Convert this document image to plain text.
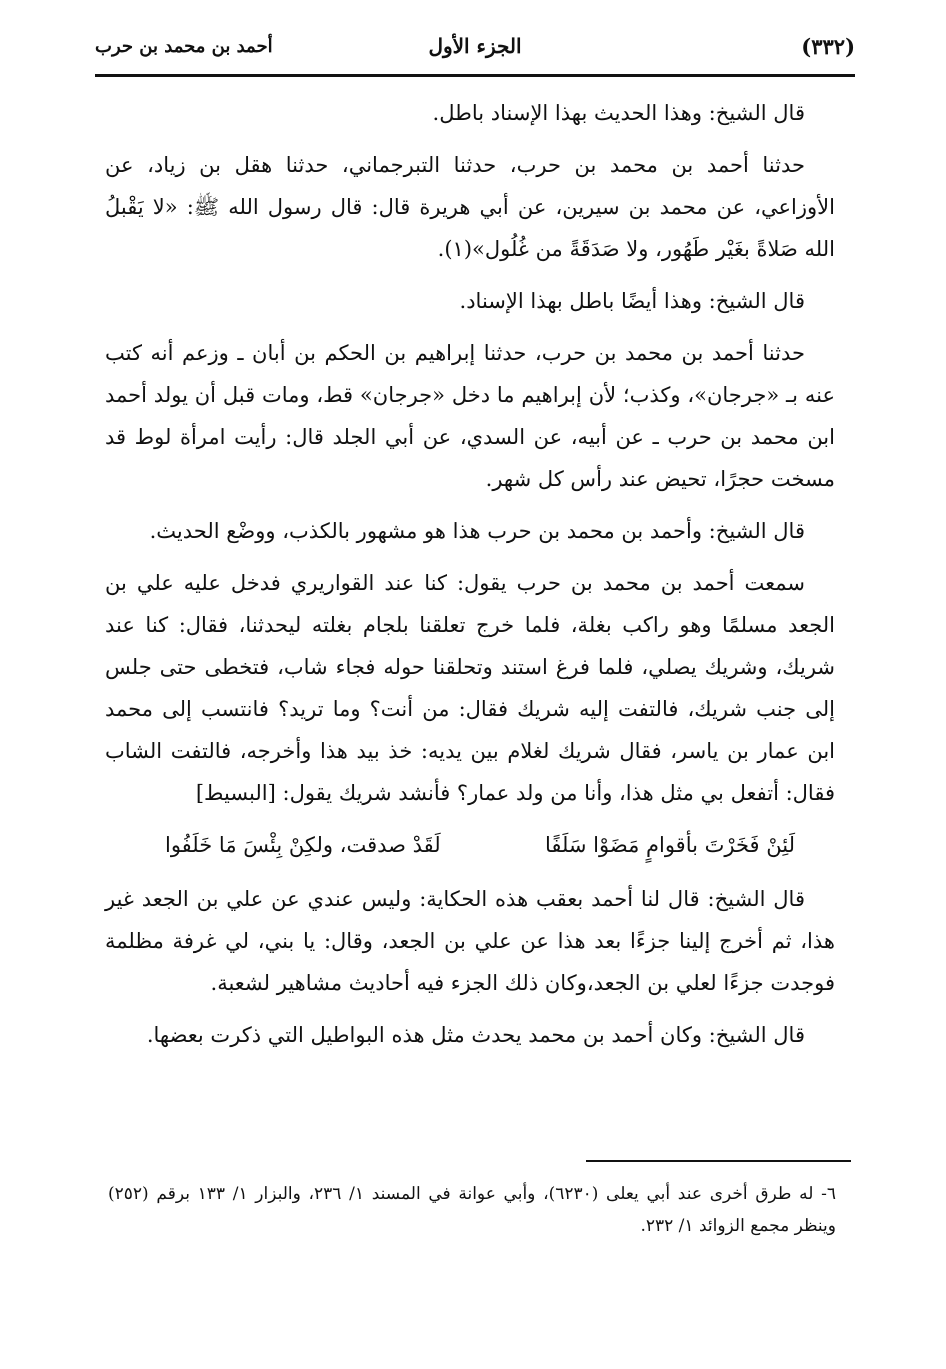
(٣٣٢)
الجزء الأول
أحمد بن محمد بن حرب

قال الشيخ: وهذا الحديث بهذا الإسناد باطل.

حدثنا أحمد بن محمد بن حرب، حدثنا التبرجماني، حدثنا هقل بن زياد، عن الأوزاعي، عن محمد بن سيرين، عن أبي هريرة قال: قال رسول الله ﷺ: «لا يَقْبلُ الله صَلاةً بغَيْر طَهُور، ولا صَدَقَةً من غُلُول»(١).

قال الشيخ: وهذا أيضًا باطل بهذا الإسناد.

حدثنا أحمد بن محمد بن حرب، حدثنا إبراهيم بن الحكم بن أبان ـ وزعم أنه كتب عنه بـ «جرجان»، وكذب؛ لأن إبراهيم ما دخل «جرجان» قط، ومات قبل أن يولد أحمد ابن محمد بن حرب ـ عن أبيه، عن السدي، عن أبي الجلد قال: رأيت امرأة لوط قد مسخت حجرًا، تحيض عند رأس كل شهر.

قال الشيخ: وأحمد بن محمد بن حرب هذا هو مشهور بالكذب، ووضْع الحديث.

سمعت أحمد بن محمد بن حرب يقول: كنا عند القواريري فدخل عليه علي بن الجعد مسلمًا وهو راكب بغلة، فلما خرج تعلقنا بلجام بغلته ليحدثنا، فقال: كنا عند شريك، وشريك يصلي، فلما فرغ استند وتحلقنا حوله فجاء شاب، فتخطى حتى جلس إلى جنب شريك، فالتفت إليه شريك فقال: من أنت؟ وما تريد؟ فانتسب إلى محمد ابن عمار بن ياسر، فقال شريك لغلام بين يديه: خذ بيد هذا وأخرجه، فالتفت الشاب فقال: أتفعل بي مثل هذا، وأنا من ولد عمار؟ فأنشد شريك يقول: [البسيط]

لَئِنْ فَخَرْتَ بأقوامٍ مَضَوْا سَلَفًا
لَقَدْ صدقت، ولكِنْ بِئْسَ مَا خَلَفُوا

قال الشيخ: قال لنا أحمد بعقب هذه الحكاية: وليس عندي عن علي بن الجعد غير هذا، ثم أخرج إلينا جزءًا بعد هذا عن علي بن الجعد، وقال: يا بني، لي غرفة مظلمة فوجدت جزءًا لعلي بن الجعد،وكان ذلك الجزء فيه أحاديث مشاهير لشعبة.

قال الشيخ: وكان أحمد بن محمد يحدث مثل هذه البواطيل التي ذكرت بعضها.

٦- له طرق أخرى عند أبي يعلى (٦٢٣٠)، وأبي عوانة في المسند ١/ ٢٣٦، والبزار ١/ ١٣٣ برقم (٢٥٢) وينظر مجمع الزوائد ١/ ٢٣٢.
